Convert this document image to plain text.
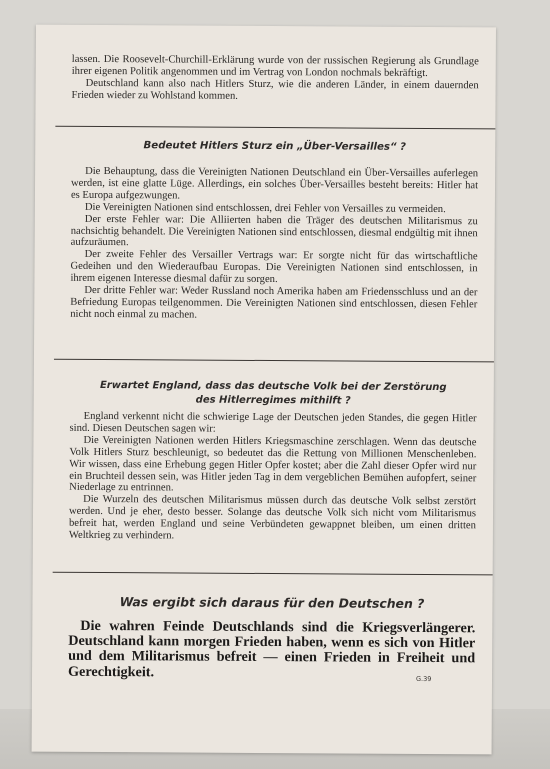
lassen. Die Roosevelt-Churchill-Erklärung wurde von der russischen Regierung als Grundlage ihrer eigenen Politik angenommen und im Vertrag von London nochmals bekräftigt.

Deutschland kann also nach Hitlers Sturz, wie die anderen Länder, in einem dauernden Frieden wieder zu Wohlstand kommen.

Bedeutet Hitlers Sturz ein „Über-Versailles“ ?

Die Behauptung, dass die Vereinigten Nationen Deutschland ein Über-Versailles auferlegen werden, ist eine glatte Lüge. Allerdings, ein solches Über-Versailles besteht bereits: Hitler hat es Europa aufgezwungen.

Die Vereinigten Nationen sind entschlossen, drei Fehler von Versailles zu vermeiden.

Der erste Fehler war: Die Alliierten haben die Träger des deutschen Militarismus zu nachsichtig behandelt. Die Vereinigten Nationen sind entschlossen, diesmal endgültig mit ihnen aufzuräumen.

Der zweite Fehler des Versailler Vertrags war: Er sorgte nicht für das wirtschaftliche Gedeihen und den Wiederaufbau Europas. Die Vereinigten Nationen sind entschlossen, in ihrem eigenen Interesse diesmal dafür zu sorgen.

Der dritte Fehler war: Weder Russland noch Amerika haben am Friedensschluss und an der Befriedung Europas teilgenommen. Die Vereinigten Nationen sind entschlossen, diesen Fehler nicht noch einmal zu machen.

Erwartet England, dass das deutsche Volk bei der Zerstörung
des Hitlerregimes mithilft ?

England verkennt nicht die schwierige Lage der Deutschen jeden Standes, die gegen Hitler sind. Diesen Deutschen sagen wir:

Die Vereinigten Nationen werden Hitlers Kriegsmaschine zerschlagen. Wenn das deutsche Volk Hitlers Sturz beschleunigt, so bedeutet das die Rettung von Millionen Menschenleben. Wir wissen, dass eine Erhebung gegen Hitler Opfer kostet; aber die Zahl dieser Opfer wird nur ein Bruchteil dessen sein, was Hitler jeden Tag in dem vergeblichen Bemühen aufopfert, seiner Niederlage zu entrinnen.

Die Wurzeln des deutschen Militarismus müssen durch das deutsche Volk selbst zerstört werden. Und je eher, desto besser. Solange das deutsche Volk sich nicht vom Militarismus befreit hat, werden England und seine Verbündeten gewappnet bleiben, um einen dritten Weltkrieg zu verhindern.

Was ergibt sich daraus für den Deutschen ?

Die wahren Feinde Deutschlands sind die Kriegsverlängerer. Deutschland kann morgen Frieden haben, wenn es sich von Hitler und dem Militarismus befreit — einen Frieden in Freiheit und Gerechtigkeit.	G.39
